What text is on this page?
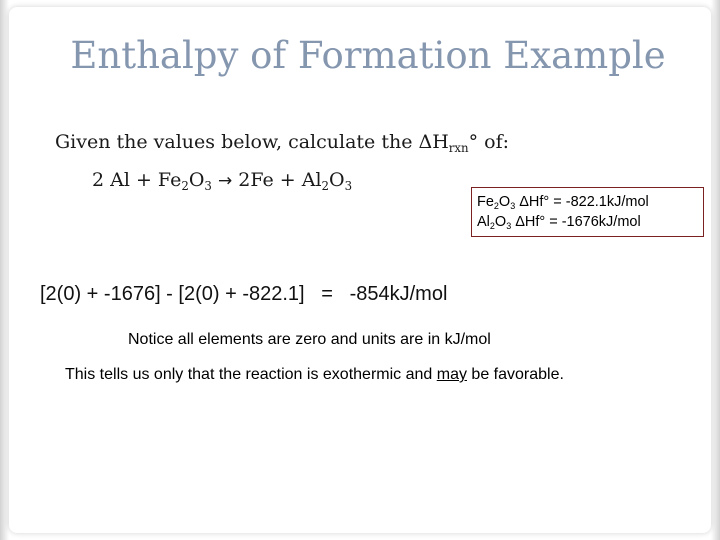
Enthalpy of Formation Example
Given the values below, calculate the $\Delta H_{rxn}^\circ$ of:
2 $Al + Fe_2O_3 \to 2Fe + Al_2O_3$
$Fe_2O_3$ ΔHf° = -822.1kJ/mol
$Al_2O_3$ ΔHf° = -1676kJ/mol
[2(0) + -1676] - [2(0) + -822.1]   =   -854kJ/mol
Notice all elements are zero and units are in kJ/mol
This tells us only that the reaction is exothermic and may be favorable.
